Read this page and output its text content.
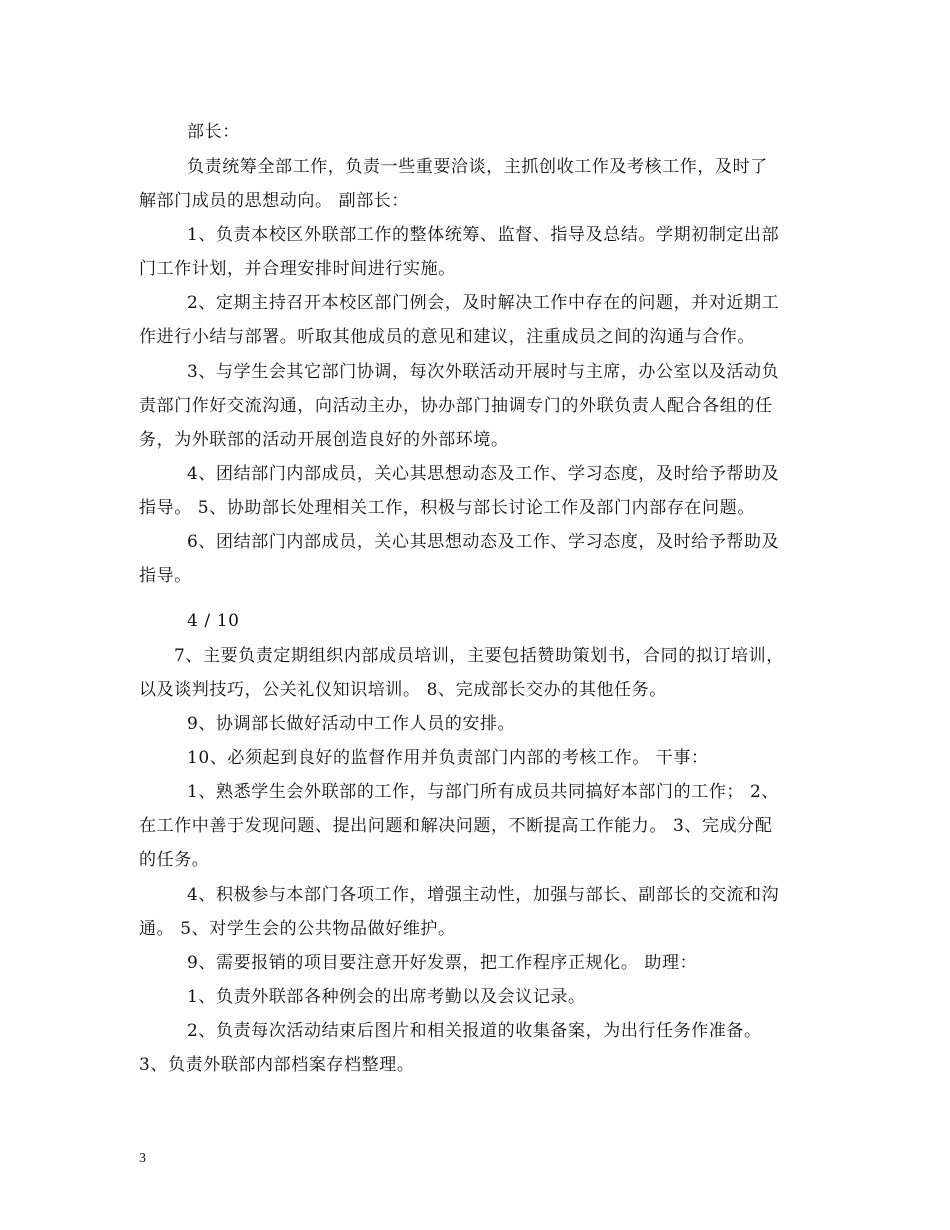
部长：
负责统筹全部工作，负责一些重要洽谈，主抓创收工作及考核工作，及时了
解部门成员的思想动向。 副部长：
1、负责本校区外联部工作的整体统筹、监督、指导及总结。学期初制定出部
门工作计划，并合理安排时间进行实施。
2、定期主持召开本校区部门例会，及时解决工作中存在的问题，并对近期工
作进行小结与部署。听取其他成员的意见和建议，注重成员之间的沟通与合作。
3、与学生会其它部门协调，每次外联活动开展时与主席，办公室以及活动负
责部门作好交流沟通，向活动主办，协办部门抽调专门的外联负责人配合各组的任
务，为外联部的活动开展创造良好的外部环境。
4、团结部门内部成员，关心其思想动态及工作、学习态度，及时给予帮助及
指导。 5、协助部长处理相关工作，积极与部长讨论工作及部门内部存在问题。
6、团结部门内部成员，关心其思想动态及工作、学习态度，及时给予帮助及
指导。
4 / 10
7、主要负责定期组织内部成员培训，主要包括赞助策划书，合同的拟订培训，
以及谈判技巧，公关礼仪知识培训。 8、完成部长交办的其他任务。
9、协调部长做好活动中工作人员的安排。
10、必须起到良好的监督作用并负责部门内部的考核工作。 干事：
1、熟悉学生会外联部的工作，与部门所有成员共同搞好本部门的工作； 2、
在工作中善于发现问题、提出问题和解决问题，不断提高工作能力。 3、完成分配
的任务。
4、积极参与本部门各项工作，增强主动性，加强与部长、副部长的交流和沟
通。 5、对学生会的公共物品做好维护。
9、需要报销的项目要注意开好发票，把工作程序正规化。 助理：
1、负责外联部各种例会的出席考勤以及会议记录。
2、负责每次活动结束后图片和相关报道的收集备案，为出行任务作准备。
3、负责外联部内部档案存档整理。
3
